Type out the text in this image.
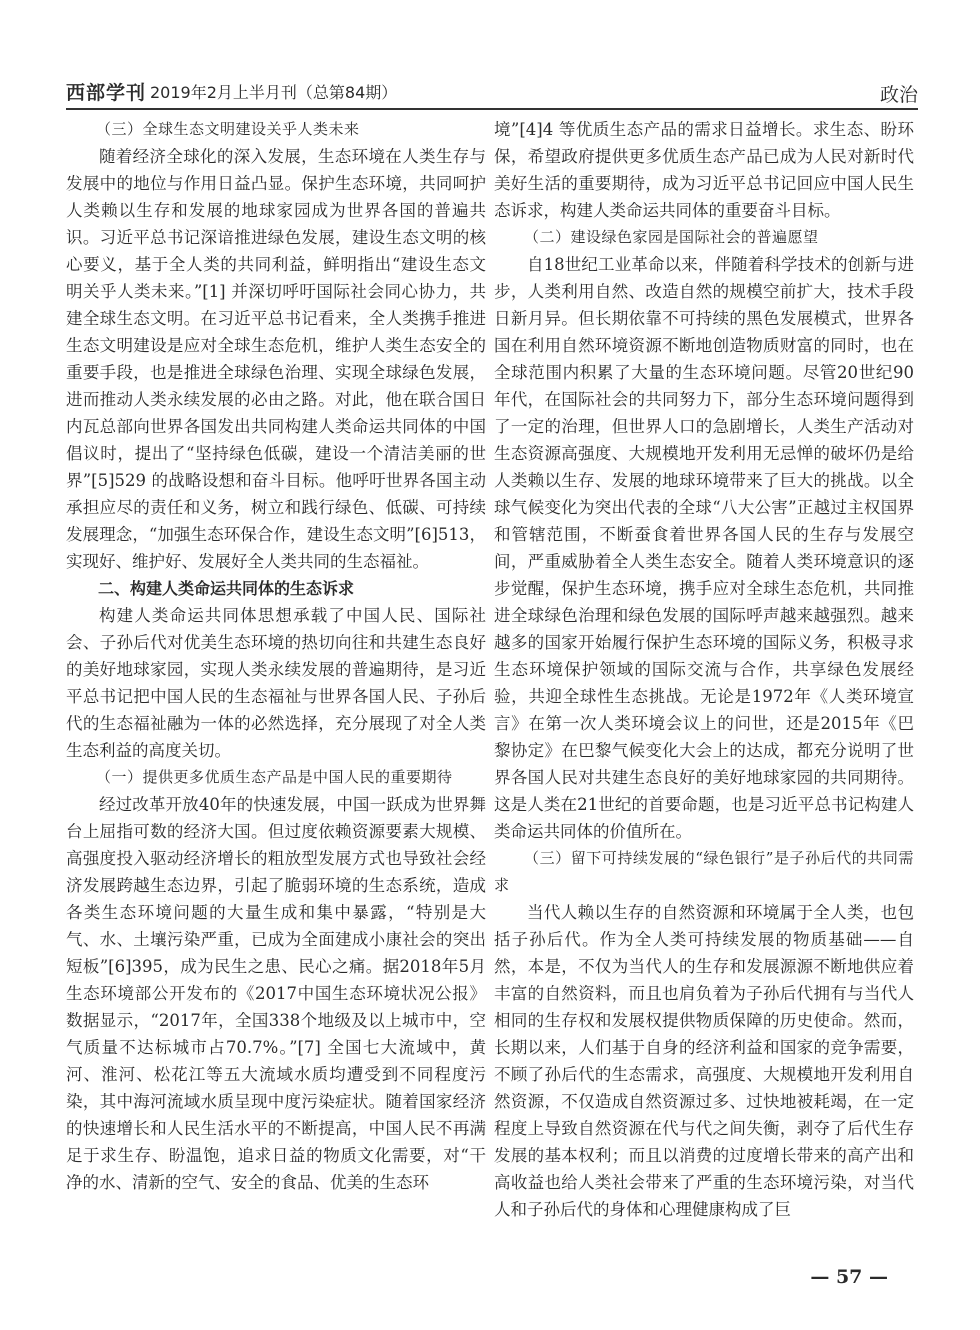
西部学刊 2019年2月上半月刊（总第84期）	政治

（三）全球生态文明建设关乎人类未来

随着经济全球化的深入发展，生态环境在人类生存与发展中的地位与作用日益凸显。保护生态环境，共同呵护人类赖以生存和发展的地球家园成为世界各国的普遍共识。习近平总书记深谙推进绿色发展，建设生态文明的核心要义，基于全人类的共同利益，鲜明指出“建设生态文明关乎人类未来。”[1] 并深切呼吁国际社会同心协力，共建全球生态文明。在习近平总书记看来，全人类携手推进生态文明建设是应对全球生态危机，维护人类生态安全的重要手段，也是推进全球绿色治理、实现全球绿色发展，进而推动人类永续发展的必由之路。对此，他在联合国日内瓦总部向世界各国发出共同构建人类命运共同体的中国倡议时，提出了“坚持绿色低碳，建设一个清洁美丽的世界”[5]529 的战略设想和奋斗目标。他呼吁世界各国主动承担应尽的责任和义务，树立和践行绿色、低碳、可持续发展理念，“加强生态环保合作，建设生态文明”[6]513，实现好、维护好、发展好全人类共同的生态福祉。

二、构建人类命运共同体的生态诉求

构建人类命运共同体思想承载了中国人民、国际社会、子孙后代对优美生态环境的热切向往和共建生态良好的美好地球家园，实现人类永续发展的普遍期待，是习近平总书记把中国人民的生态福祉与世界各国人民、子孙后代的生态福祉融为一体的必然选择，充分展现了对全人类生态利益的高度关切。

（一）提供更多优质生态产品是中国人民的重要期待

经过改革开放40年的快速发展，中国一跃成为世界舞台上屈指可数的经济大国。但过度依赖资源要素大规模、高强度投入驱动经济增长的粗放型发展方式也导致社会经济发展跨越生态边界，引起了脆弱环境的生态系统，造成各类生态环境问题的大量生成和集中暴露，“特别是大气、水、土壤污染严重，已成为全面建成小康社会的突出短板”[6]395，成为民生之患、民心之痛。据2018年5月生态环境部公开发布的《2017中国生态环境状况公报》数据显示，“2017年，全国338个地级及以上城市中，空气质量不达标城市占70.7%。”[7] 全国七大流域中，黄河、淮河、松花江等五大流域水质均遭受到不同程度污染，其中海河流域水质呈现中度污染症状。随着国家经济的快速增长和人民生活水平的不断提高，中国人民不再满足于求生存、盼温饱，追求日益的物质文化需要，对“干净的水、清新的空气、安全的食品、优美的生态环

境”[4]4 等优质生态产品的需求日益增长。求生态、盼环保，希望政府提供更多优质生态产品已成为人民对新时代美好生活的重要期待，成为习近平总书记回应中国人民生态诉求，构建人类命运共同体的重要奋斗目标。

（二）建设绿色家园是国际社会的普遍愿望

自18世纪工业革命以来，伴随着科学技术的创新与进步，人类利用自然、改造自然的规模空前扩大，技术手段日新月异。但长期依靠不可持续的黑色发展模式，世界各国在利用自然环境资源不断地创造物质财富的同时，也在全球范围内积累了大量的生态环境问题。尽管20世纪90年代，在国际社会的共同努力下，部分生态环境问题得到了一定的治理，但世界人口的急剧增长，人类生产活动对生态资源高强度、大规模地开发利用无忌惮的破坏仍是给人类赖以生存、发展的地球环境带来了巨大的挑战。以全球气候变化为突出代表的全球“八大公害”正越过主权国界和管辖范围，不断蚕食着世界各国人民的生存与发展空间，严重威胁着全人类生态安全。随着人类环境意识的逐步觉醒，保护生态环境，携手应对全球生态危机，共同推进全球绿色治理和绿色发展的国际呼声越来越强烈。越来越多的国家开始履行保护生态环境的国际义务，积极寻求生态环境保护领域的国际交流与合作，共享绿色发展经验，共迎全球性生态挑战。无论是1972年《人类环境宣言》在第一次人类环境会议上的问世，还是2015年《巴黎协定》在巴黎气候变化大会上的达成，都充分说明了世界各国人民对共建生态良好的美好地球家园的共同期待。这是人类在21世纪的首要命题，也是习近平总书记构建人类命运共同体的价值所在。

（三）留下可持续发展的“绿色银行”是子孙后代的共同需求

当代人赖以生存的自然资源和环境属于全人类，也包括子孙后代。作为全人类可持续发展的物质基础——自然，本是，不仅为当代人的生存和发展源源不断地供应着丰富的自然资料，而且也肩负着为子孙后代拥有与当代人相同的生存权和发展权提供物质保障的历史使命。然而，长期以来，人们基于自身的经济利益和国家的竞争需要，不顾了孙后代的生态需求，高强度、大规模地开发利用自然资源，不仅造成自然资源过多、过快地被耗竭，在一定程度上导致自然资源在代与代之间失衡，剥夺了后代生存发展的基本权利；而且以消费的过度增长带来的高产出和高收益也给人类社会带来了严重的生态环境污染，对当代人和子孙后代的身体和心理健康构成了巨

— 57 —
